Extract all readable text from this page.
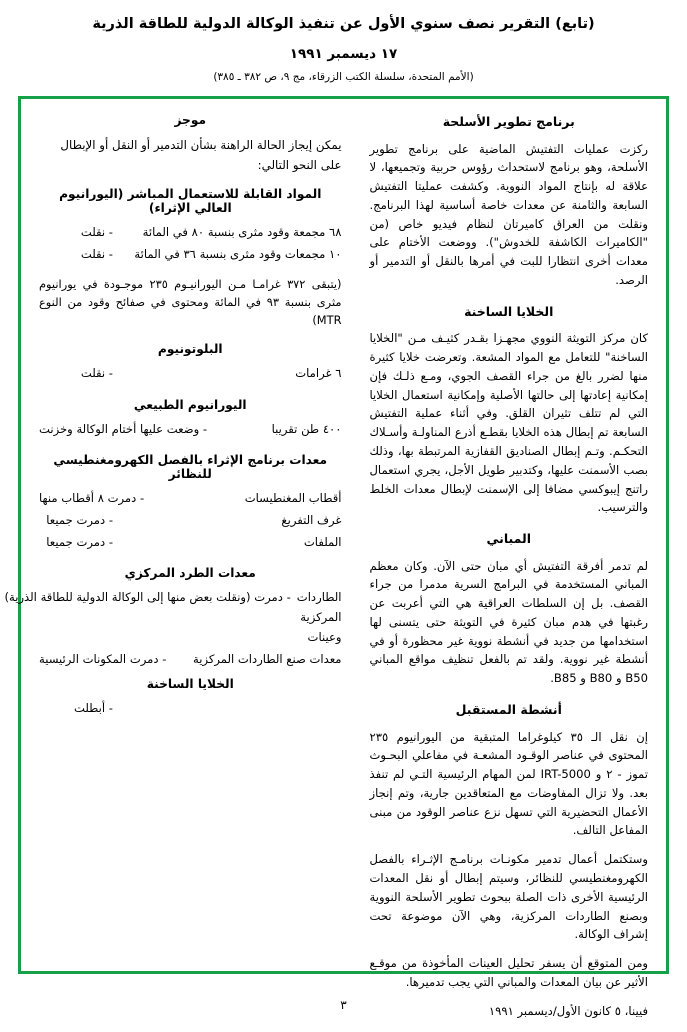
(تابع) التقرير نصف سنوي الأول عن تنفيذ الوكالة الدولية للطاقة الذرية
١٧ ديسمبر ١٩٩١
(الأمم المتحدة، سلسلة الكتب الزرقاء، مج ٩، ص ٣٨٢ ـ ٣٨٥)
برنامج تطوير الأسلحة

ركزت عمليات التفتيش الماضية على برنامج تطوير الأسلحة، وهو برنامج لاستحداث رؤوس حربية وتجميعها، لا علاقة له بإنتاج المواد النووية. وكشفت عمليتا التفتيش السابعة والثامنة عن معدات خاصة أساسية لهذا البرنامج. ونقلت من العراق كاميرتان لنظام فيديو خاص (من "الكاميرات الكاشفة للخدوش"). ووضعت الأختام على معدات أخرى انتظارا للبت في أمرها بالنقل أو التدمير أو الرصد.

الخلايا الساخنة

كان مركز التويثة النووي مجهـزا بقـدر كثيـف مـن "الخلايا الساخنة" للتعامل مع المواد المشعة. وتعرضت خلايا كثيرة منها لضرر بالغ من جراء القصف الجوي، ومـع ذلـك فإن إمكانية إعادتها إلى حالتها الأصلية وإمكانية استعمال الخلايا التي لم تتلف تثيران القلق. وفي أثناء عملية التفتيش السابعة تم إبطال هذه الخلايا بقطـع أذرع المناولـة وأسـلاك التحكـم. وتـم إبطال الصناديق القفازية المرتبطة بها، وذلك بصب الأسمنت عليها، وكتدبير طويل الأجل، يجري استعمال راتنج إيبوكسي مضافا إلى الإسمنت لإبطال معدات الخلط والترسيب.

المباني

لم تدمر أفرقة التفتيش أي مبان حتى الآن. وكان معظم المباني المستخدمة في البرامج السرية مدمرا من جراء القصف. بل إن السلطات العراقية هي التي أعربت عن رغبتها في هدم مبان كثيرة في التويثة حتى يتسنى لها استخدامها من جديد في أنشطة نووية غير محظورة أو في أنشطة غير نووية. ولقد تم بالفعل تنظيف مواقع المباني B50 و B80 و B85.

أنشطة المستقبل

إن نقل الـ ٣٥ كيلوغراما المتبقية من اليورانيوم ٢٣٥ المحتوى في عناصر الوقـود المشعـة في مفاعلي البحـوث تموز - ٢ و IRT-5000 لمن المهام الرئيسية التـي لم تنفذ بعد. ولا تزال المفاوضات مع المتعاقدين جارية، وتم إنجاز الأعمال التحضيرية التي تسهل نزع عناصر الوقود من مبنى المفاعل التالف.

وستكتمل أعمال تدمير مكونـات برنامـج الإثـراء بالفصل الكهرومغنطيسي للنظائر، وسيتم إبطال أو نقل المعدات الرئيسية الأخرى ذات الصلة ببحوث تطوير الأسلحة النووية وبصنع الطاردات المركزية، وهي الآن موضوعة تحت إشراف الوكالة.

ومن المتوقع أن يسفر تحليل العينات المأخوذة من موقـع الأثير عن بيان المعدات والمباني التي يجب تدميرها.

فيينا، ٥ كانون الأول/ديسمبر ١٩٩١

موجز
يمكن إيجاز الحالة الراهنة بشأن التدمير أو النقل أو الإبطال على النحو التالي:
المواد القابلة للاستعمال المباشر (اليورانيوم العالي الإثراء)
٦٨ مجمعة وقود مثرى بنسبة ٨٠ في المائة
- نقلت
١٠ مجمعات وقود مثرى بنسبة ٣٦ في المائة
- نقلت
(يتبقى ٣٧٢ غرامـا مـن اليورانيـوم ٢٣٥ موجـودة في يورانيوم مثرى بنسبة ٩٣ في المائة ومحتوى في صفائح وقود من النوع MTR)
البلوتونيوم
٦ غرامات
- نقلت
اليورانيوم الطبيعي
٤٠٠ طن تقريبا
- وضعت عليها أختام الوكالة وخزنت
معدات برنامج الإثراء بالفصل الكهرومغنطيسي للنظائر
أقطاب المغنطيسات
- دمرت ٨ أقطاب منها
غرف التفريغ
- دمرت جميعا
الملفات
- دمرت جميعا
معدات الطرد المركزي
الطاردات المركزية وعينات
- دمرت (ونقلت بعض منها إلى الوكالة الدولية للطاقة الذرية)
معدات صنع الطاردات المركزية
- دمرت المكونات الرئيسية
الخلايا الساخنة
- أبطلت
٣
